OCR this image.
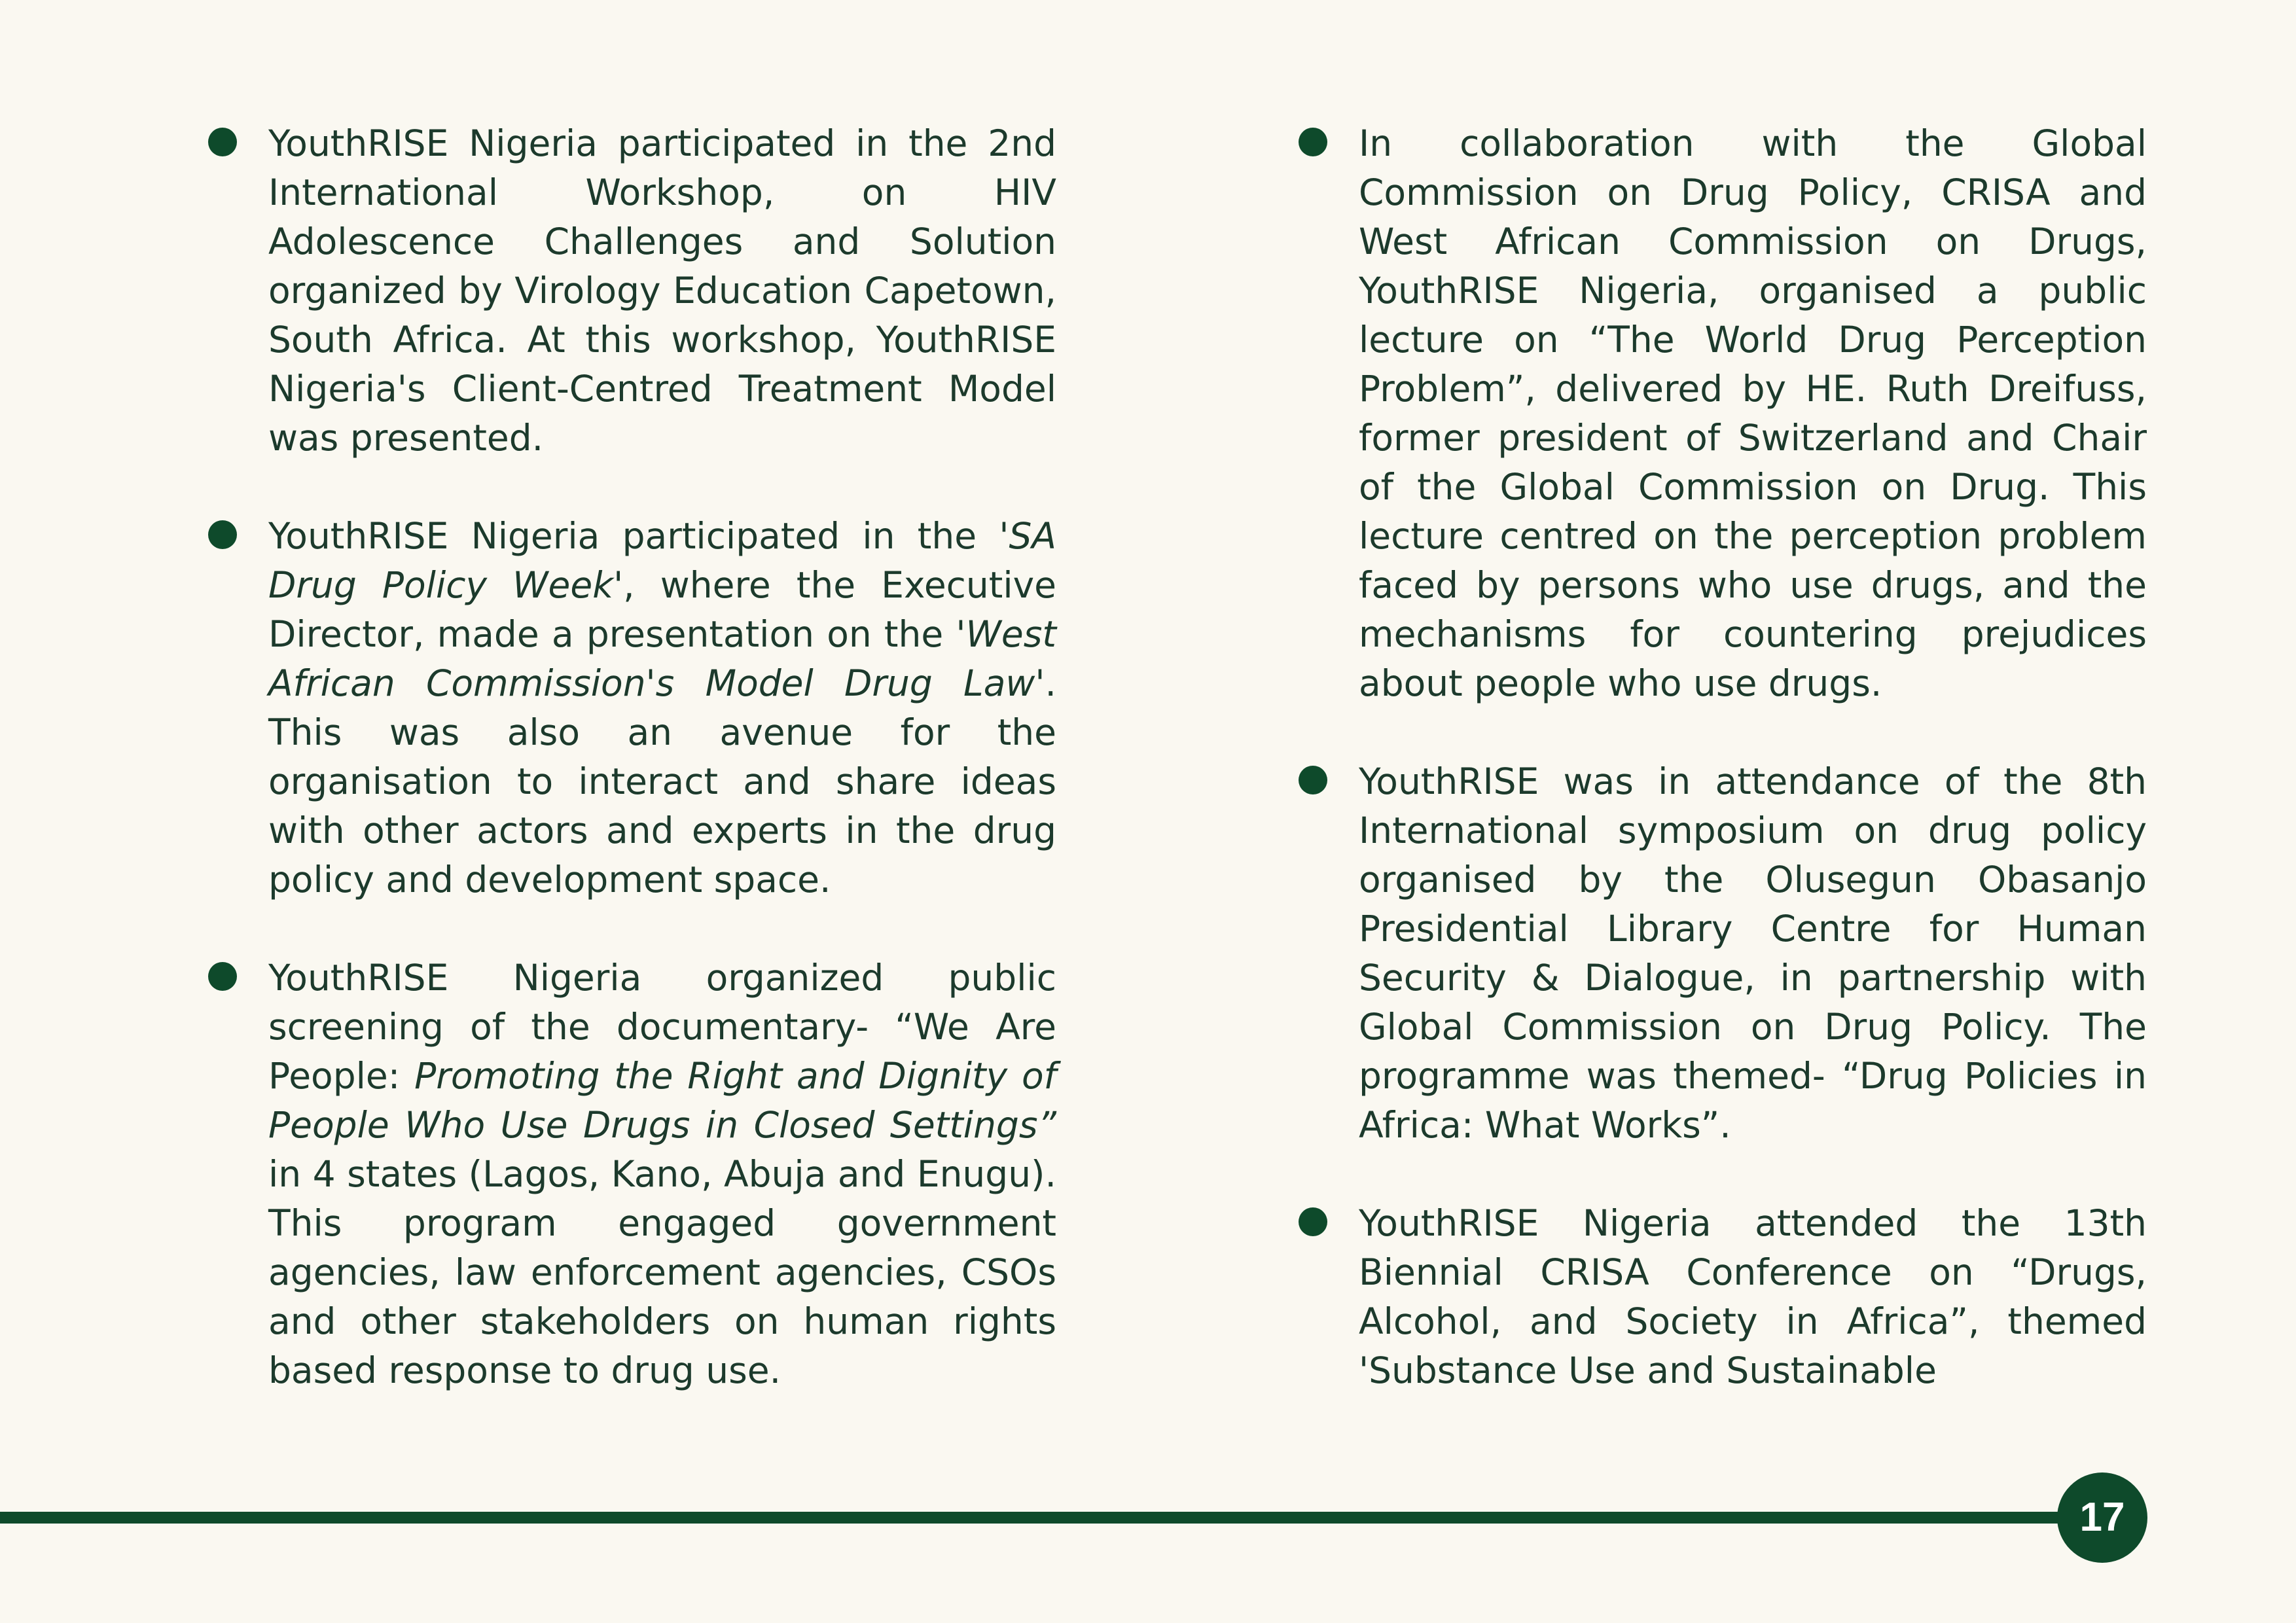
YouthRISE Nigeria participated in the 2nd International Workshop, on HIV Adolescence Challenges and Solution organized by Virology Education Capetown, South Africa. At this workshop, YouthRISE Nigeria's Client-Centred Treatment Model was presented.
YouthRISE Nigeria participated in the 'SA Drug Policy Week', where the Executive Director, made a presentation on the 'West African Commission's Model Drug Law'. This was also an avenue for the organisation to interact and share ideas with other actors and experts in the drug policy and development space.
YouthRISE Nigeria organized public screening of the documentary- “We Are People: Promoting the Right and Dignity of People Who Use Drugs in Closed Settings” in 4 states (Lagos, Kano, Abuja and Enugu). This program engaged government agencies, law enforcement agencies, CSOs and other stakeholders on human rights based response to drug use.
In collaboration with the Global Commission on Drug Policy, CRISA and West African Commission on Drugs, YouthRISE Nigeria, organised a public lecture on “The World Drug Perception Problem”, delivered by HE. Ruth Dreifuss, former president of Switzerland and Chair of the Global Commission on Drug. This lecture centred on the perception problem faced by persons who use drugs, and the mechanisms for countering prejudices about people who use drugs.
YouthRISE was in attendance of the 8th International symposium on drug policy organised by the Olusegun Obasanjo Presidential Library Centre for Human Security & Dialogue, in partnership with Global Commission on Drug Policy. The programme was themed- “Drug Policies in Africa: What Works”.
YouthRISE Nigeria attended the 13th Biennial CRISA Conference on “Drugs, Alcohol, and Society in Africa”, themed 'Substance Use and Sustainable
17
